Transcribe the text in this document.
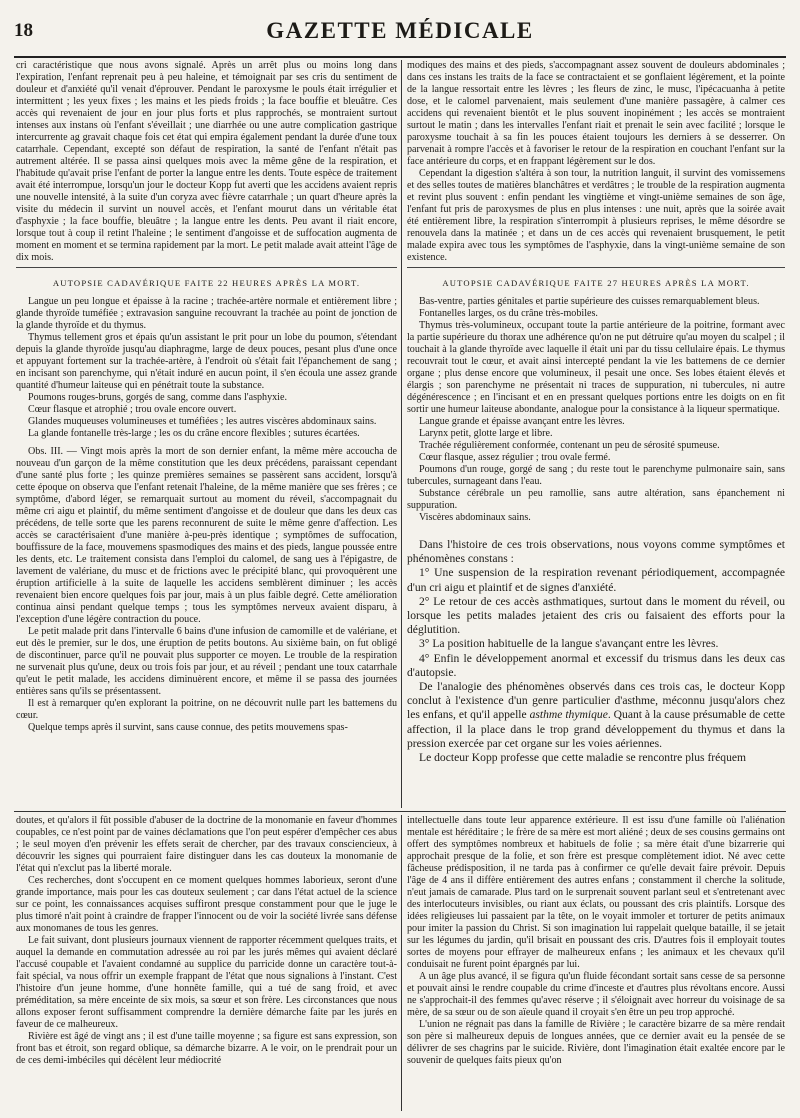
18	GAZETTE MÉDICALE

cri caractéristique que nous avons signalé. Après un arrêt plus ou moins long dans l'expiration, l'enfant reprenait peu à peu haleine, et témoignait par ses cris du sentiment de douleur et d'anxiété qu'il venait d'éprouver. Pendant le paroxysme le pouls était irrégulier et intermittent ; les yeux fixes ; les mains et les pieds froids ; la face bouffie et bleuâtre. Ces accès qui revenaient de jour en jour plus forts et plus rapprochés, se montraient surtout intenses aux instans où l'enfant s'éveillait ; une diarrhée ou une autre complication gastrique intercurrente ag gravait chaque fois cet état qui empira également pendant la durée d'une toux catarrhale. Cependant, excepté son défaut de respiration, la santé de l'enfant n'était pas autrement altérée. Il se passa ainsi quelques mois avec la même gêne de la respiration, et l'habitude qu'avait prise l'enfant de porter la langue entre les dents. Toute espèce de traitement avait été interrompue, lorsqu'un jour le docteur Kopp fut averti que les accidens avaient repris une nouvelle intensité, à la suite d'un coryza avec fièvre catarrhale ; un quart d'heure après la visite du médecin il survint un nouvel accès, et l'enfant mourut dans un véritable état d'asphyxie ; la face bouffie, bleuâtre ; la langue entre les dents. Peu avant il riait encore, lorsque tout à coup il retint l'haleine ; le sentiment d'angoisse et de suffocation augmenta de moment en moment et se termina rapidement par la mort. Le petit malade avait atteint l'âge de dix mois.

AUTOPSIE CADAVÉRIQUE FAITE 22 HEURES APRÈS LA MORT.

Langue un peu longue et épaisse à la racine ; trachée-artère normale et entièrement libre ; glande thyroïde tuméfiée ; extravasion sanguine recouvrant la trachée au point de jonction de la glande thyroïde et du thymus.

Thymus tellement gros et épais qu'un assistant le prit pour un lobe du poumon, s'étendant depuis la glande thyroïde jusqu'au diaphragme, large de deux pouces, pesant plus d'une once et appuyant fortement sur la trachée-artère, à l'endroit où s'était fait l'épanchement de sang ; en incisant son parenchyme, qui n'était induré en aucun point, il s'en écoula une assez grande quantité d'humeur laiteuse qui en pénétrait toute la substance.

Poumons rouges-bruns, gorgés de sang, comme dans l'asphyxie.

Cœur flasque et atrophié ; trou ovale encore ouvert.

Glandes muqueuses volumineuses et tuméfiées ; les autres viscères abdominaux sains.

La glande fontanelle très-large ; les os du crâne encore flexibles ; sutures écartées.

Obs. III. — Vingt mois après la mort de son dernier enfant, la même mère accoucha de nouveau d'un garçon de la même constitution que les deux précédens, paraissant cependant d'une santé plus forte ; les quinze premières semaines se passèrent sans accident, lorsqu'à cette époque on observa que l'enfant retenait l'haleine, de la même manière que ses frères ; ce symptôme, d'abord léger, se remarquait surtout au moment du réveil, s'accompagnait du même cri aigu et plaintif, du même sentiment d'angoisse et de douleur que dans les deux cas précédens, de telle sorte que les parens reconnurent de suite le même genre d'affection. Les accès se caractérisaient d'une manière à-peu-près identique ; symptômes de suffocation, bouffissure de la face, mouvemens spasmodiques des mains et des pieds, langue poussée entre les dents, etc. Le traitement consista dans l'emploi du calomel, de sang ues à l'épigastre, de lavement de valériane, du musc et de frictions avec le précipité blanc, qui provoquèrent une éruption artificielle à la suite de laquelle les accidens semblèrent diminuer ; les accès revenaient bien encore quelques fois par jour, mais à un plus faible degré. Cette amélioration continua ainsi pendant quelque temps ; tous les symptômes nerveux avaient disparu, à l'exception d'une légère contraction du pouce.

Le petit malade prit dans l'intervalle 6 bains d'une infusion de camomille et de valériane, et eut dès le premier, sur le dos, une éruption de petits boutons. Au sixième bain, on fut obligé de discontinuer, parce qu'il ne pouvait plus supporter ce moyen. Le trouble de la respiration ne survenait plus qu'une, deux ou trois fois par jour, et au réveil ; pendant une toux catarrhale qu'eut le petit malade, les accidens diminuèrent encore, et même il se passa des journées entières sans qu'ils se présentassent.

Il est à remarquer qu'en explorant la poitrine, on ne découvrit nulle part les battemens du cœur.

Quelque temps après il survint, sans cause connue, des petits mouvemens spas-

modiques des mains et des pieds, s'accompagnant assez souvent de douleurs abdominales ; dans ces instans les traits de la face se contractaient et se gonflaient légèrement, et la pointe de la langue ressortait entre les lèvres ; les fleurs de zinc, le musc, l'ipécacuanha à petite dose, et le calomel parvenaient, mais seulement d'une manière passagère, à calmer ces accidens qui revenaient bientôt et le plus souvent inopinément ; les accès se montraient surtout le matin ; dans les intervalles l'enfant riait et prenait le sein avec facilité ; lorsque le paroxysme touchait à sa fin les pouces étaient toujours les derniers à se desserrer. On parvenait à rompre l'accès et à favoriser le retour de la respiration en couchant l'enfant sur la face antérieure du corps, et en frappant légèrement sur le dos.

Cependant la digestion s'altéra à son tour, la nutrition languit, il survint des vomissemens et des selles toutes de matières blanchâtres et verdâtres ; le trouble de la respiration augmenta et revint plus souvent : enfin pendant les vingtième et vingt-unième semaines de son âge, l'enfant fut pris de paroxysmes de plus en plus intenses : une nuit, après que la soirée avait été entièrement libre, la respiration s'interrompit à plusieurs reprises, le même désordre se renouvela dans la matinée ; et dans un de ces accès qui revenaient brusquement, le petit malade expira avec tous les symptômes de l'asphyxie, dans la vingt-unième semaine de son existence.

AUTOPSIE CADAVÉRIQUE FAITE 27 HEURES APRÈS LA MORT.

Bas-ventre, parties génitales et partie supérieure des cuisses remarquablement bleus.

Fontanelles larges, os du crâne très-mobiles.

Thymus très-volumineux, occupant toute la partie antérieure de la poitrine, formant avec la partie supérieure du thorax une adhérence qu'on ne put détruire qu'au moyen du scalpel ; il touchait à la glande thyroïde avec laquelle il était uni par du tissu cellulaire épais. Le thymus recouvrait tout le cœur, et avait ainsi intercepté pendant la vie les battemens de ce dernier organe ; plus dense encore que volumineux, il pesait une once. Ses lobes étaient élevés et élargis ; son parenchyme ne présentait ni traces de suppuration, ni tubercules, ni autre dégénérescence ; en l'incisant et en en pressant quelques portions entre les doigts on en fit sortir une humeur laiteuse abondante, analogue pour la consistance à la liqueur spermatique.

Langue grande et épaisse avançant entre les lèvres.

Larynx petit, glotte large et libre.

Trachée régulièrement conformée, contenant un peu de sérosité spumeuse.

Cœur flasque, assez régulier ; trou ovale fermé.

Poumons d'un rouge, gorgé de sang ; du reste tout le parenchyme pulmonaire sain, sans tubercules, surnageant dans l'eau.

Substance cérébrale un peu ramollie, sans autre altération, sans épanchement ni suppuration.

Viscères abdominaux sains.

Dans l'histoire de ces trois observations, nous voyons comme symptômes et phénomènes constans :

1° Une suspension de la respiration revenant périodiquement, accompagnée d'un cri aigu et plaintif et de signes d'anxiété.

2° Le retour de ces accès asthmatiques, surtout dans le moment du réveil, ou lorsque les petits malades jetaient des cris ou faisaient des efforts pour la déglutition.

3° La position habituelle de la langue s'avançant entre les lèvres.

4° Enfin le développement anormal et excessif du trismus dans les deux cas d'autopsie.

De l'analogie des phénomènes observés dans ces trois cas, le docteur Kopp conclut à l'existence d'un genre particulier d'asthme, méconnu jusqu'alors chez les enfans, et qu'il appelle asthme thymique. Quant à la cause présumable de cette affection, il la place dans le trop grand développement du thymus et dans la pression exercée par cet organe sur les voies aériennes.

Le docteur Kopp professe que cette maladie se rencontre plus fréquem

doutes, et qu'alors il fût possible d'abuser de la doctrine de la monomanie en faveur d'hommes coupables, ce n'est point par de vaines déclamations que l'on peut espérer d'empêcher ces abus ; le seul moyen d'en prévenir les effets serait de chercher, par des travaux consciencieux, à découvrir les signes qui pourraient faire distinguer dans les cas douteux la monomanie de l'état qui n'exclut pas la liberté morale.

Ces recherches, dont s'occupent en ce moment quelques hommes laborieux, seront d'une grande importance, mais pour les cas douteux seulement ; car dans l'état actuel de la science sur ce point, les connaissances acquises suffiront presque constamment pour que le juge le plus timoré n'ait point à craindre de frapper l'innocent ou de voir la société livrée sans défense aux monomanes de tous les genres.

Le fait suivant, dont plusieurs journaux viennent de rapporter récemment quelques traits, et auquel la demande en commutation adressée au roi par les jurés mêmes qui avaient déclaré l'accusé coupable et l'avaient condamné au supplice du parricide donne un caractère tout-à-fait spécial, va nous offrir un exemple frappant de l'état que nous signalions à l'instant. C'est l'histoire d'un jeune homme, d'une honnête famille, qui a tué de sang froid, et avec préméditation, sa mère enceinte de six mois, sa sœur et son frère. Les circonstances que nous allons exposer feront suffisamment comprendre la dernière démarche faite par les jurés en faveur de ce malheureux.

Rivière est âgé de vingt ans ; il est d'une taille moyenne ; sa figure est sans expression, son front bas et étroit, son regard oblique, sa démarche bizarre. A le voir, on le prendrait pour un de ces demi-imbéciles qui décèlent leur médiocrité

intellectuelle dans toute leur apparence extérieure. Il est issu d'une famille où l'aliénation mentale est héréditaire ; le frère de sa mère est mort aliéné ; deux de ses cousins germains ont offert des symptômes nombreux et habituels de folie ; sa mère était d'une bizarrerie qui approchait presque de la folie, et son frère est presque complètement idiot. Né avec cette fâcheuse prédisposition, il ne tarda pas à confirmer ce qu'elle devait faire prévoir. Depuis l'âge de 4 ans il diffère entièrement des autres enfans ; constamment il cherche la solitude, n'eut jamais de camarade. Plus tard on le surprenait souvent parlant seul et s'entretenant avec des interlocuteurs invisibles, ou riant aux éclats, ou poussant des cris plaintifs. Lorsque des idées religieuses lui passaient par la tête, on le voyait immoler et torturer de petits animaux pour imiter la passion du Christ. Si son imagination lui rappelait quelque bataille, il se jetait sur les légumes du jardin, qu'il brisait en poussant des cris. D'autres fois il employait toutes sortes de moyens pour effrayer de malheureux enfans ; les animaux et les chevaux qu'il conduisait ne furent point épargnés par lui.

A un âge plus avancé, il se figura qu'un fluide fécondant sortait sans cesse de sa personne et pouvait ainsi le rendre coupable du crime d'inceste et d'autres plus révoltans encore. Aussi ne s'approchait-il des femmes qu'avec réserve ; il s'éloignait avec horreur du voisinage de sa mère, de sa sœur ou de son aïeule quand il croyait s'en être un peu trop approché.

L'union ne régnait pas dans la famille de Rivière ; le caractère bizarre de sa mère rendait son père si malheureux depuis de longues années, que ce dernier avait eu la pensée de se délivrer de ses chagrins par le suicide. Rivière, dont l'imagination était exaltée encore par le souvenir de quelques faits pieux qu'on
